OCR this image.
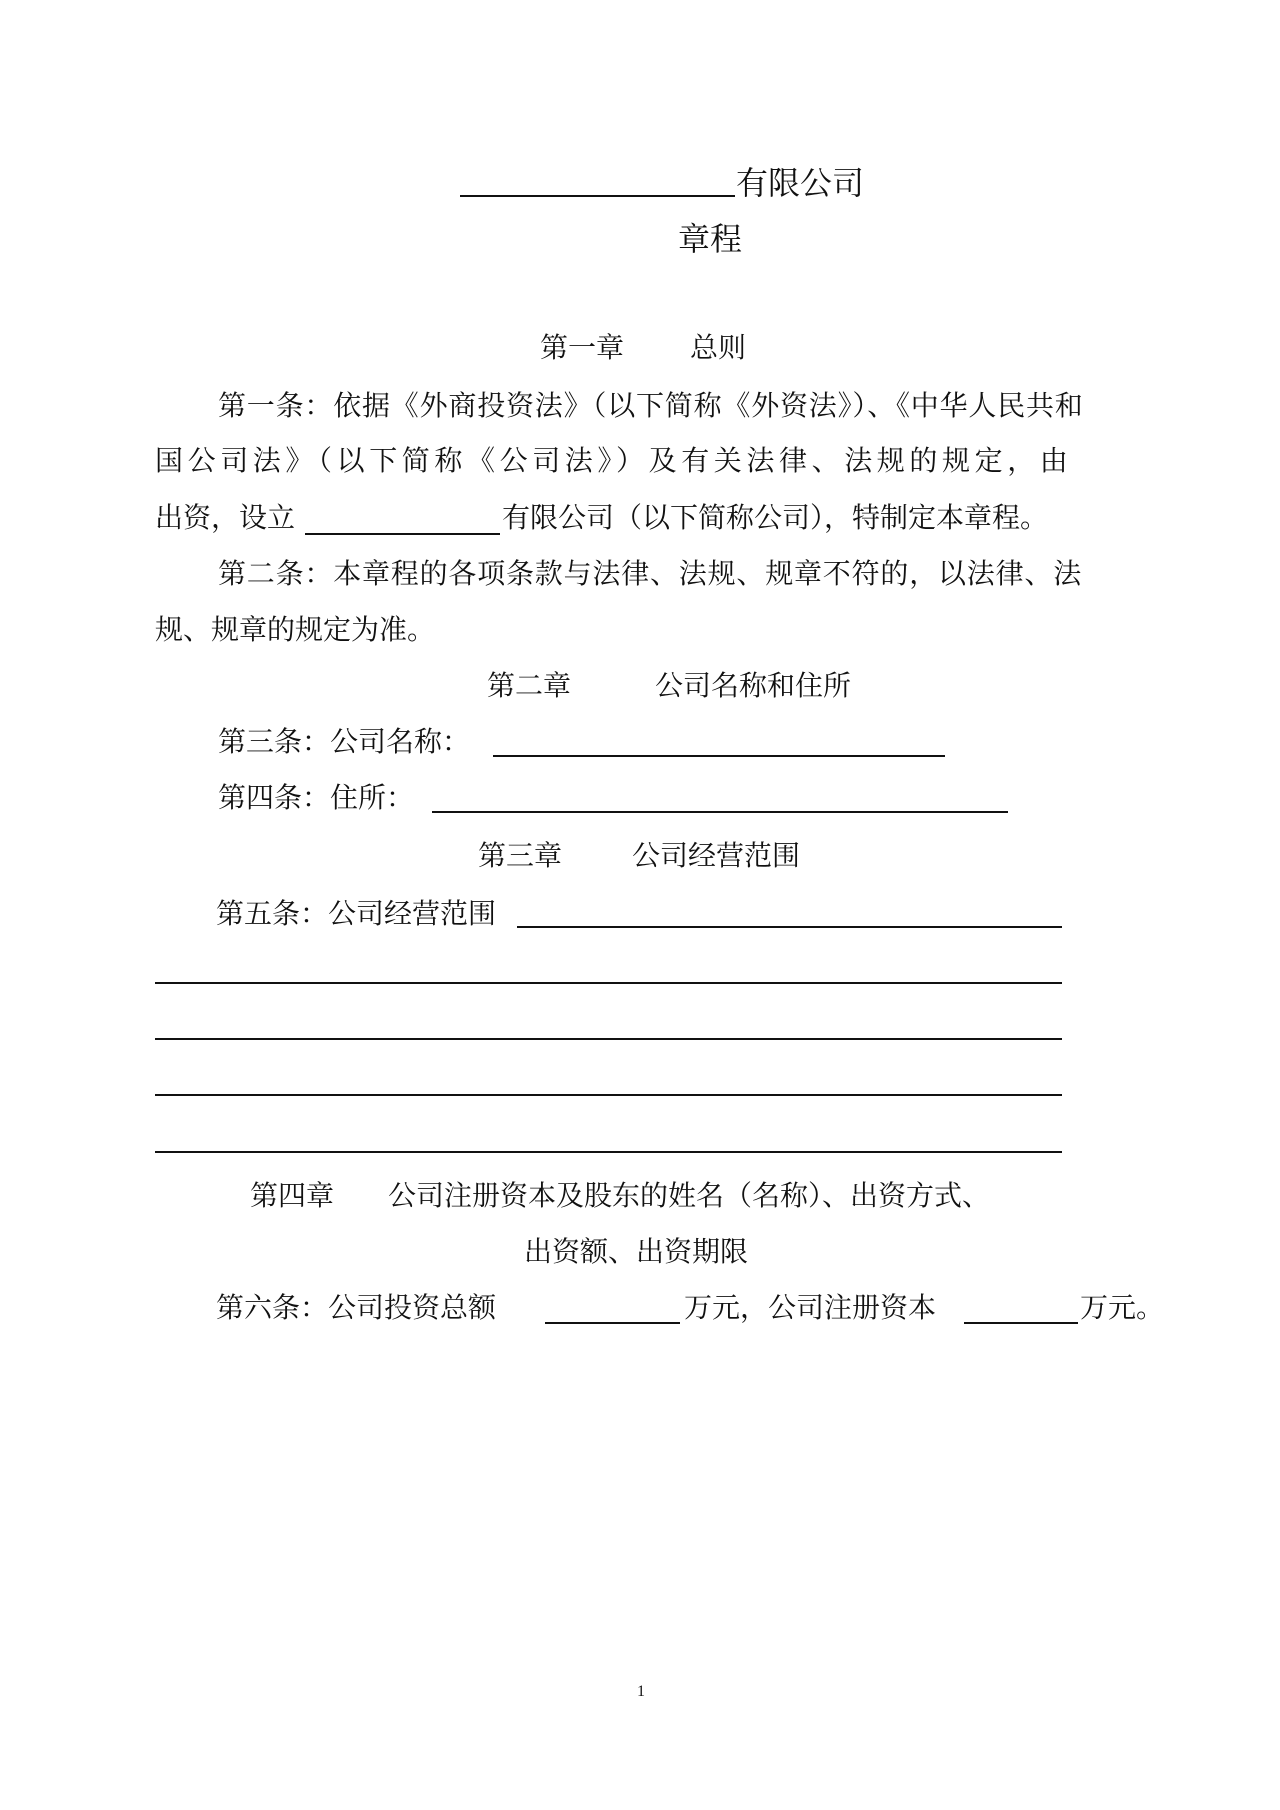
有限公司
章程
第一章 总则
第一条：依据《外商投资法》（以下简称《外资法》）、《中华人民共和
国公司法》（以下简称《公司法》）及有关法律、法规的规定，由
出资，设立	有限公司（以下简称公司），特制定本章程。
第二条：本章程的各项条款与法律、法规、规章不符的，以法律、法
规、规章的规定为准。
第二章	公司名称和住所
第三条：公司名称：
第四条：住所：
第三章 公司经营范围
第五条：公司经营范围
第四章 公司注册资本及股东的姓名（名称）、出资方式、
出资额、出资期限
第六条：公司投资总额	万元，公司注册资本	万元。
1
